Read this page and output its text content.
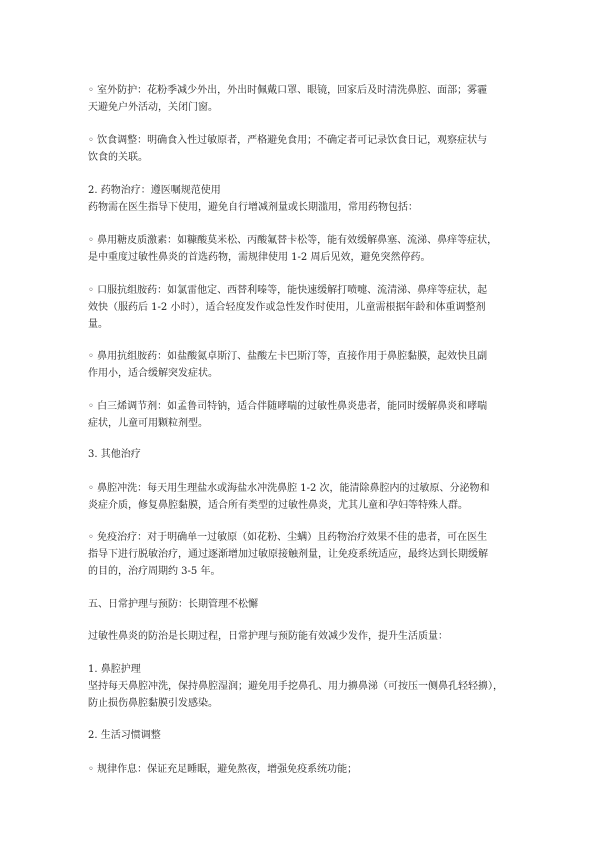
◦ 室外防护：花粉季减少外出，外出时佩戴口罩、眼镜，回家后及时清洗鼻腔、面部；雾霾
天避免户外活动，关闭门窗。
◦ 饮食调整：明确食入性过敏原者，严格避免食用；不确定者可记录饮食日记，观察症状与
饮食的关联。
2. 药物治疗：遵医嘱规范使用
药物需在医生指导下使用，避免自行增减剂量或长期滥用，常用药物包括：
◦ 鼻用糖皮质激素：如糠酸莫米松、丙酸氟替卡松等，能有效缓解鼻塞、流涕、鼻痒等症状，
是中重度过敏性鼻炎的首选药物，需规律使用 1-2 周后见效，避免突然停药。
◦ 口服抗组胺药：如氯雷他定、西替利嗪等，能快速缓解打喷嚏、流清涕、鼻痒等症状，起
效快（服药后 1-2 小时），适合轻度发作或急性发作时使用，儿童需根据年龄和体重调整剂
量。
◦ 鼻用抗组胺药：如盐酸氮卓斯汀、盐酸左卡巴斯汀等，直接作用于鼻腔黏膜，起效快且副
作用小，适合缓解突发症状。
◦ 白三烯调节剂：如孟鲁司特钠，适合伴随哮喘的过敏性鼻炎患者，能同时缓解鼻炎和哮喘
症状，儿童可用颗粒剂型。
3. 其他治疗
◦ 鼻腔冲洗：每天用生理盐水或海盐水冲洗鼻腔 1-2 次，能清除鼻腔内的过敏原、分泌物和
炎症介质，修复鼻腔黏膜，适合所有类型的过敏性鼻炎，尤其儿童和孕妇等特殊人群。
◦ 免疫治疗：对于明确单一过敏原（如花粉、尘螨）且药物治疗效果不佳的患者，可在医生
指导下进行脱敏治疗，通过逐渐增加过敏原接触剂量，让免疫系统适应，最终达到长期缓解
的目的，治疗周期约 3-5 年。
五、日常护理与预防：长期管理不松懈
过敏性鼻炎的防治是长期过程，日常护理与预防能有效减少发作，提升生活质量：
1. 鼻腔护理
坚持每天鼻腔冲洗，保持鼻腔湿润；避免用手挖鼻孔、用力擤鼻涕（可按压一侧鼻孔轻轻擤），
防止损伤鼻腔黏膜引发感染。
2. 生活习惯调整
◦ 规律作息：保证充足睡眠，避免熬夜，增强免疫系统功能；
